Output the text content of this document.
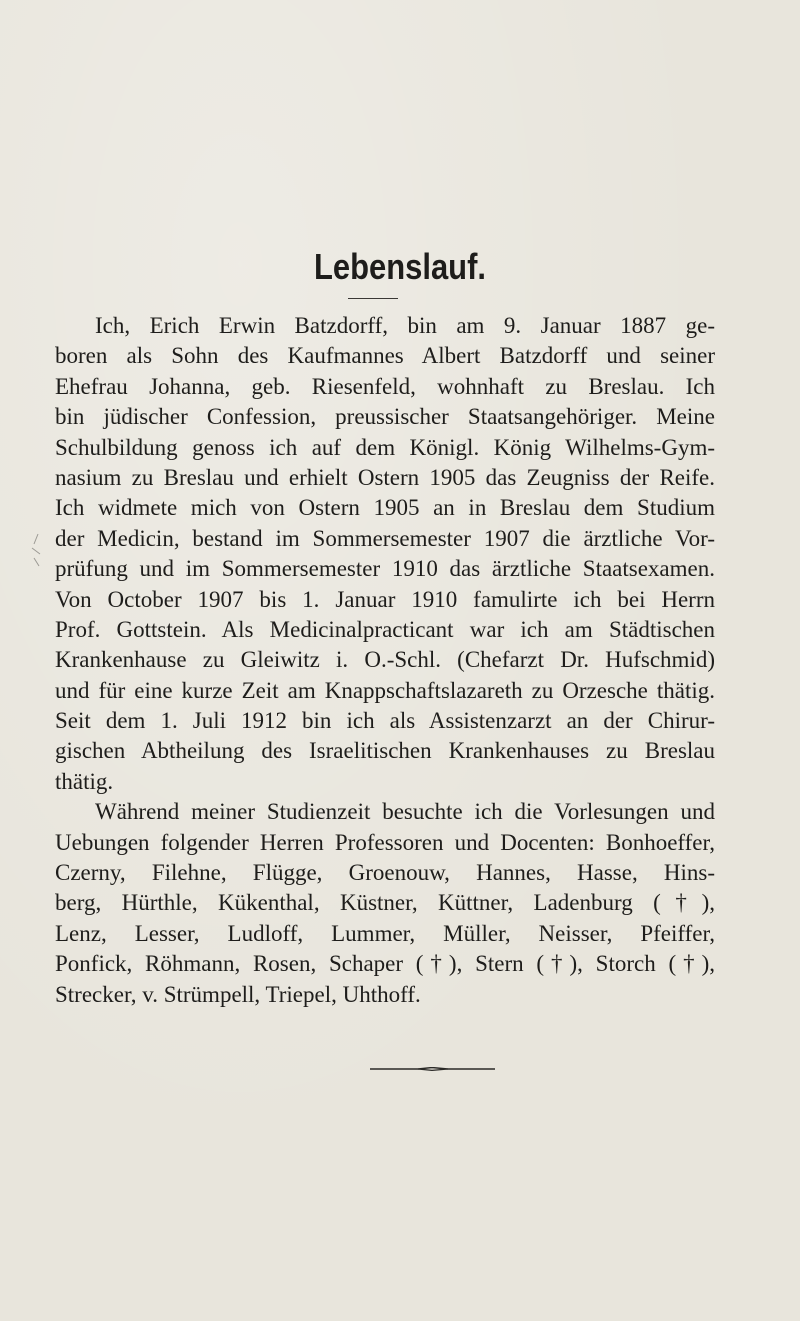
Lebenslauf.
Ich, Erich Erwin Batzdorff, bin am 9. Januar 1887 ge-
boren als Sohn des Kaufmannes Albert Batzdorff und seiner
Ehefrau Johanna, geb. Riesenfeld, wohnhaft zu Breslau. Ich
bin jüdischer Confession, preussischer Staatsangehöriger. Meine
Schulbildung genoss ich auf dem Königl. König Wilhelms-Gym-
nasium zu Breslau und erhielt Ostern 1905 das Zeugniss der Reife.
Ich widmete mich von Ostern 1905 an in Breslau dem Studium
der Medicin, bestand im Sommersemester 1907 die ärztliche Vor-
prüfung und im Sommersemester 1910 das ärztliche Staatsexamen.
Von October 1907 bis 1. Januar 1910 famulirte ich bei Herrn
Prof. Gottstein. Als Medicinalpracticant war ich am Städtischen
Krankenhause zu Gleiwitz i. O.-Schl. (Chefarzt Dr. Hufschmid)
und für eine kurze Zeit am Knappschaftslazareth zu Orzesche thätig.
Seit dem 1. Juli 1912 bin ich als Assistenzarzt an der Chirur-
gischen Abtheilung des Israelitischen Krankenhauses zu Breslau
thätig.
Während meiner Studienzeit besuchte ich die Vorlesungen und
Uebungen folgender Herren Professoren und Docenten: Bonhoeffer,
Czerny, Filehne, Flügge, Groenouw, Hannes, Hasse, Hins-
berg, Hürthle, Kükenthal, Küstner, Küttner, Ladenburg (†),
Lenz, Lesser, Ludloff, Lummer, Müller, Neisser, Pfeiffer,
Ponfick, Röhmann, Rosen, Schaper (†), Stern (†), Storch (†),
Strecker, v. Strümpell, Triepel, Uhthoff.
